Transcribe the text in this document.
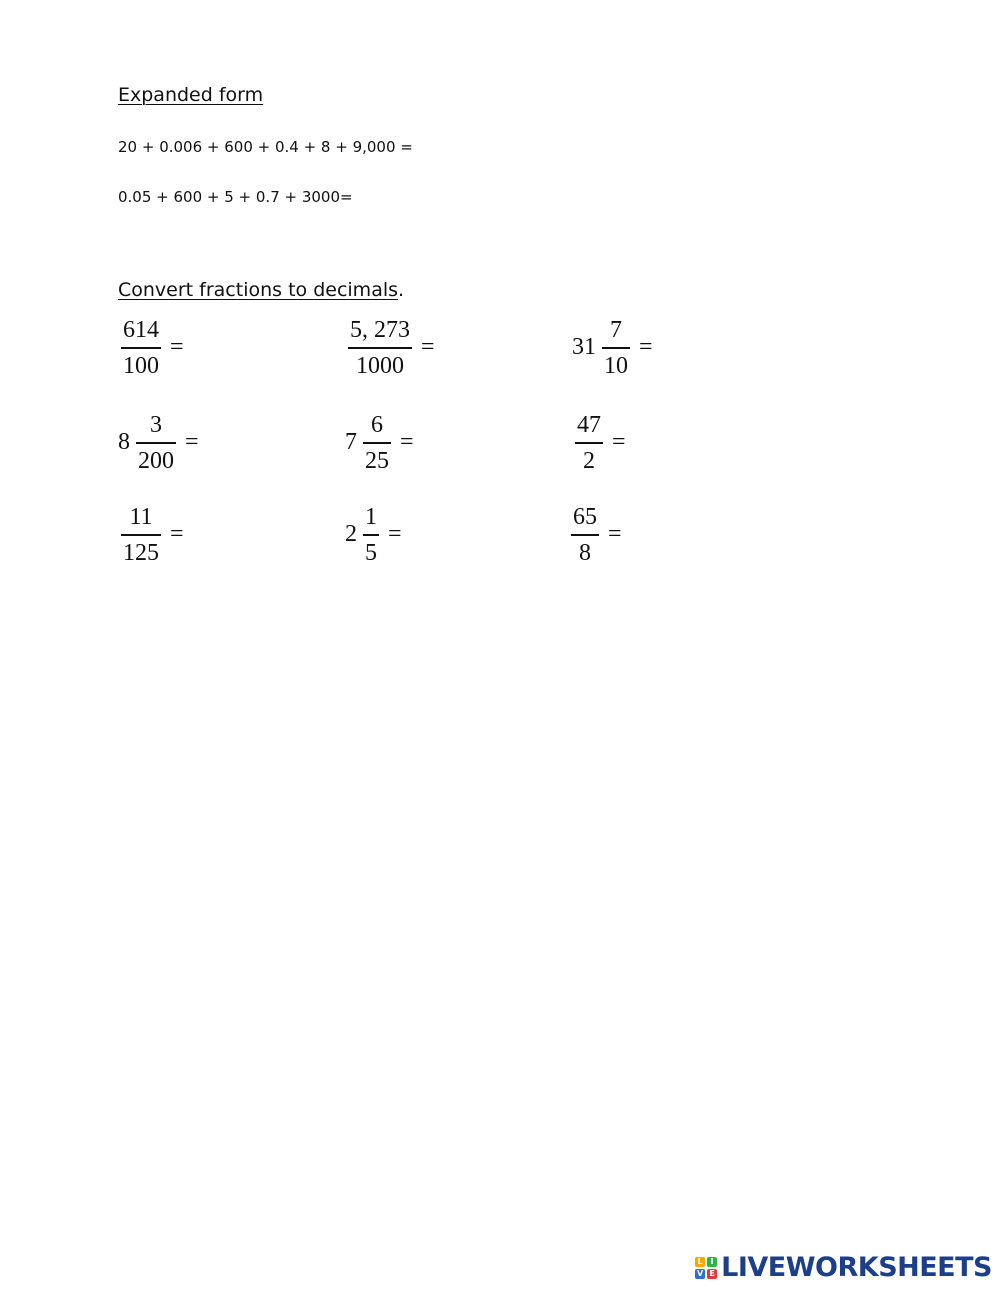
Expanded form
20 + 0.006 + 600 + 0.4 + 8 + 9,000 =
0.05 + 600 + 5 + 0.7 + 3000=
Convert fractions to decimals.
$\frac{614}{100}$ =	$\frac{5, 273}{1000}$ =	$31 \frac{7}{10}$ =
$8 \frac{3}{200}$ =	$7 \frac{6}{25}$ =	$\frac{47}{2}$ =
$\frac{11}{125}$ =	$2 \frac{1}{5}$ =	$\frac{65}{8}$ =
L I
V E LIVEWORKSHEETS
